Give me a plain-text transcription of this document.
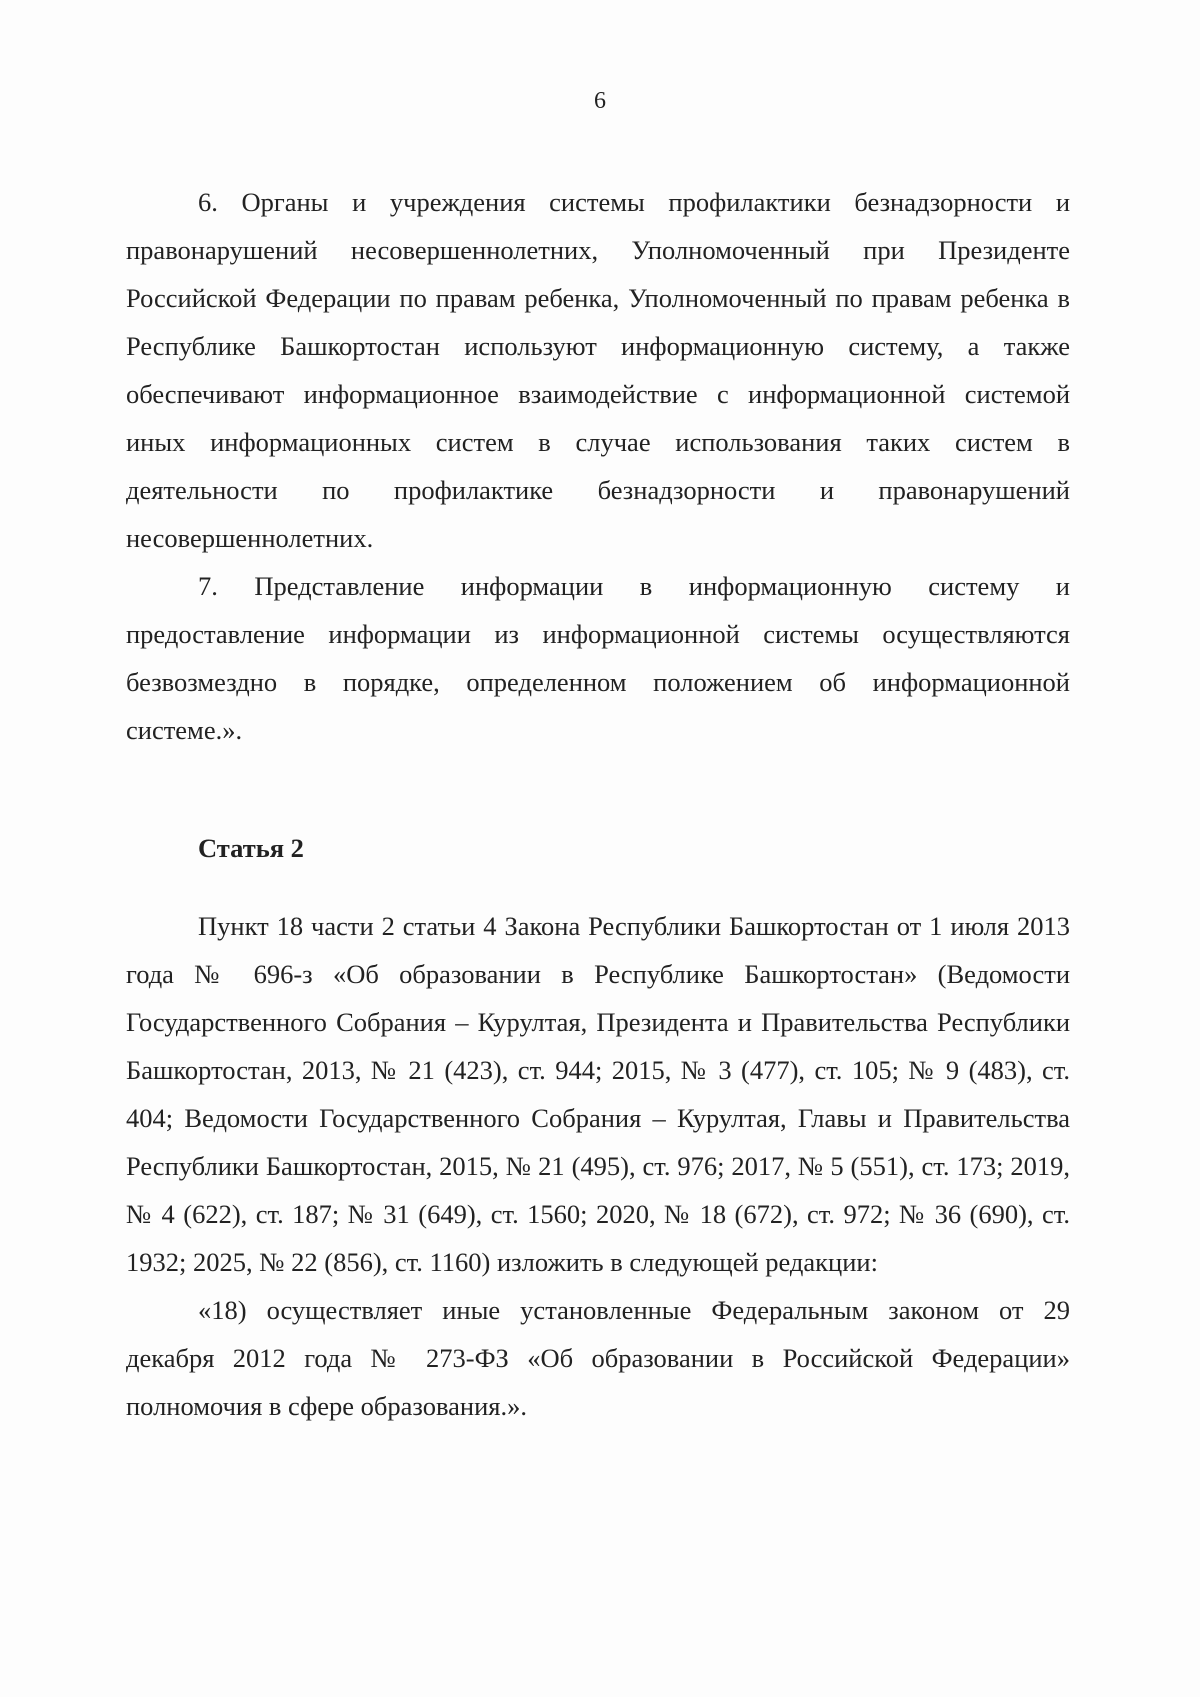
6

6. Органы и учреждения системы профилактики безнадзорности и правонарушений несовершеннолетних, Уполномоченный при Президенте Российской Федерации по правам ребенка, Уполномоченный по правам ребенка в Республике Башкортостан используют информационную систему, а также обеспечивают информационное взаимодействие с информационной системой иных информационных систем в случае использования таких систем в деятельности по профилактике безнадзорности и правонарушений несовершеннолетних.

7. Представление информации в информационную систему и предоставление информации из информационной системы осуществляются безвозмездно в порядке, определенном положением об информационной системе.».

Статья 2

Пункт 18 части 2 статьи 4 Закона Республики Башкортостан от 1 июля 2013 года № 696-з «Об образовании в Республике Башкортостан» (Ведомости Государственного Собрания – Курултая, Президента и Правительства Республики Башкортостан, 2013, № 21 (423), ст. 944; 2015, № 3 (477), ст. 105; № 9 (483), ст. 404; Ведомости Государственного Собрания – Курултая, Главы и Правительства Республики Башкортостан, 2015, № 21 (495), ст. 976; 2017, № 5 (551), ст. 173; 2019, № 4 (622), ст. 187; № 31 (649), ст. 1560; 2020, № 18 (672), ст. 972; № 36 (690), ст. 1932; 2025, № 22 (856), ст. 1160) изложить в следующей редакции:

«18) осуществляет иные установленные Федеральным законом от 29 декабря 2012 года № 273-ФЗ «Об образовании в Российской Федерации» полномочия в сфере образования.».
